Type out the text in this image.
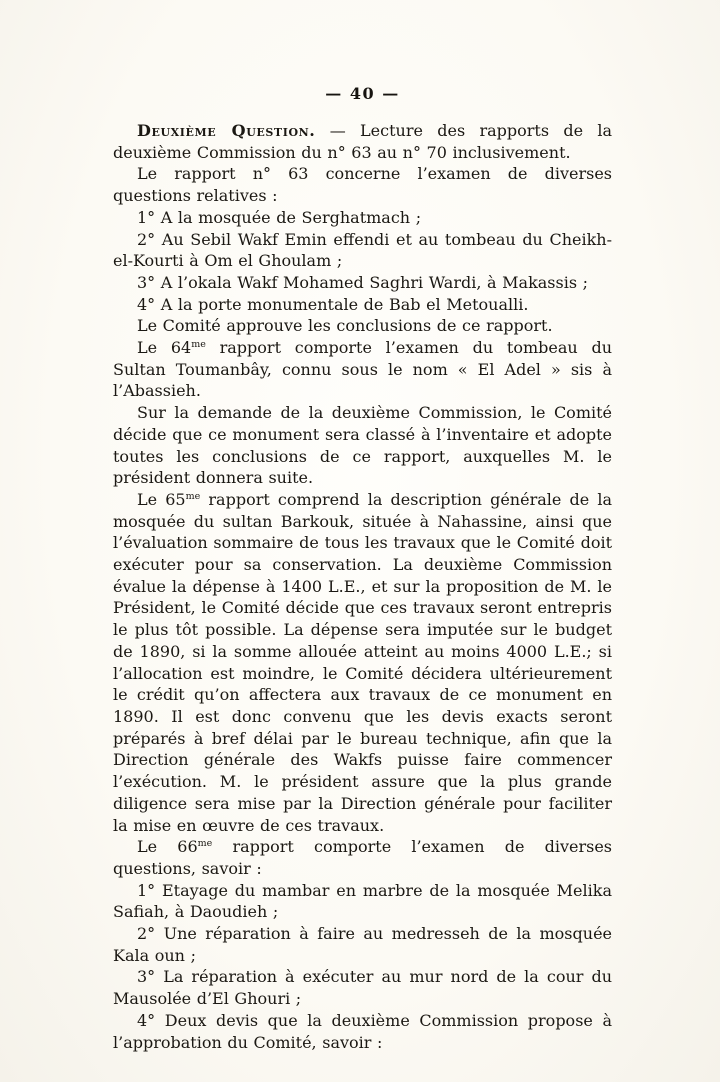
— 40 —

Deuxième Question. — Lecture des rapports de la deuxième Commission du n° 63 au n° 70 inclusivement.

Le rapport n° 63 concerne l’examen de diverses questions relatives :

1° A la mosquée de Serghatmach ;

2° Au Sebil Wakf Emin effendi et au tombeau du Cheikh-el-Kourti à Om el Ghoulam ;

3° A l’okala Wakf Mohamed Saghri Wardi, à Makassis ;

4° A la porte monumentale de Bab el Metoualli.

Le Comité approuve les conclusions de ce rapport.

Le $64^{me}$ rapport comporte l’examen du tombeau du Sultan Toumanbây, connu sous le nom « El Adel » sis à l’Abassieh.

Sur la demande de la deuxième Commission, le Comité décide que ce monument sera classé à l’inventaire et adopte toutes les conclusions de ce rapport, auxquelles M. le président donnera suite.

Le $65^{me}$ rapport comprend la description générale de la mosquée du sultan Barkouk, située à Nahassine, ainsi que l’évaluation sommaire de tous les travaux que le Comité doit exécuter pour sa conservation. La deuxième Commission évalue la dépense à 1400 L.E., et sur la proposition de M. le Président, le Comité décide que ces travaux seront entrepris le plus tôt possible. La dépense sera imputée sur le budget de 1890, si la somme allouée atteint au moins 4000 L.E.; si l’allocation est moindre, le Comité décidera ultérieurement le crédit qu’on affectera aux travaux de ce monument en 1890. Il est donc convenu que les devis exacts seront préparés à bref délai par le bureau technique, afin que la Direction générale des Wakfs puisse faire commencer l’exécution. M. le président assure que la plus grande diligence sera mise par la Direction générale pour faciliter la mise en œuvre de ces travaux.

Le $66^{me}$ rapport comporte l’examen de diverses questions, savoir :

1° Etayage du mambar en marbre de la mosquée Melika Safiah, à Daoudieh ;

2° Une réparation à faire au medresseh de la mosquée Kala oun ;

3° La réparation à exécuter au mur nord de la cour du Mausolée d’El Ghouri ;

4° Deux devis que la deuxième Commission propose à l’approbation du Comité, savoir :
